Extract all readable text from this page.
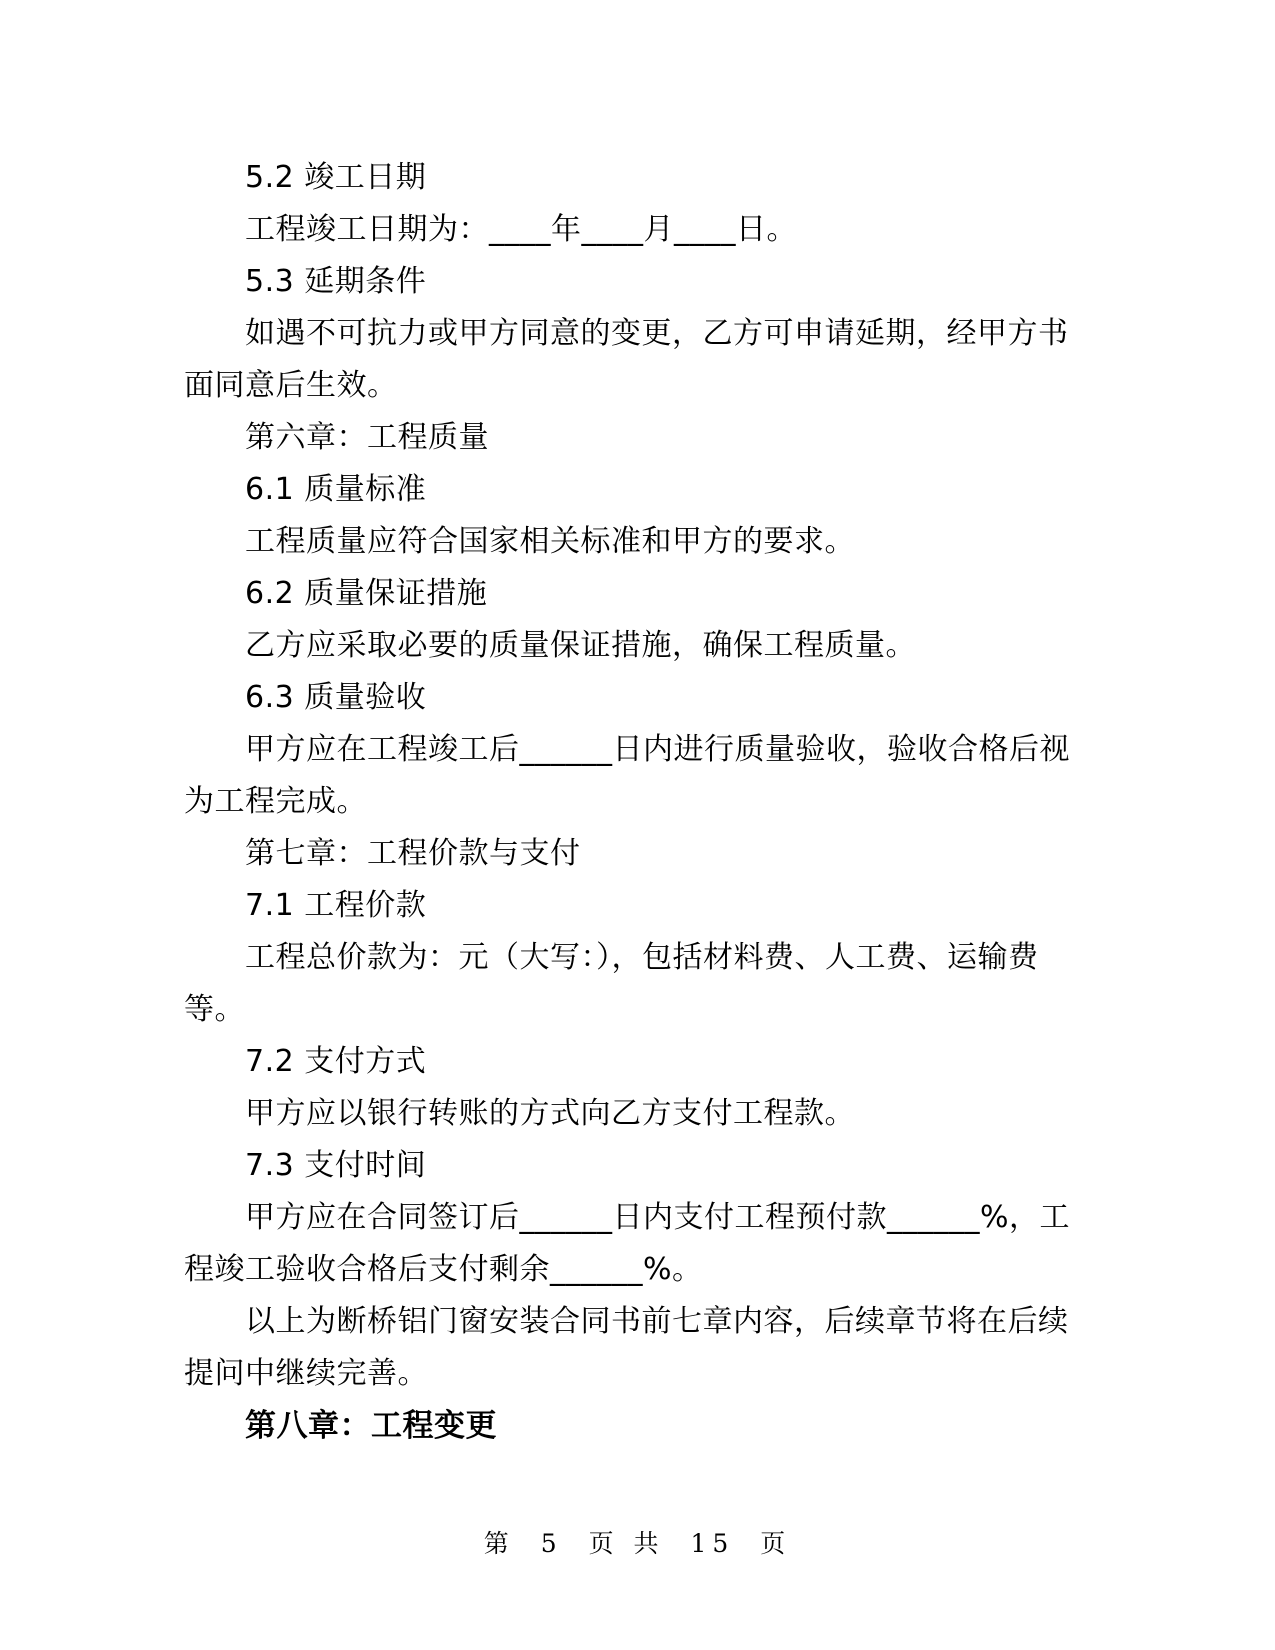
5.2 竣工日期

工程竣工日期为：____年____月____日。

5.3 延期条件

如遇不可抗力或甲方同意的变更，乙方可申请延期，经甲方书面同意后生效。

第六章：工程质量

6.1 质量标准

工程质量应符合国家相关标准和甲方的要求。

6.2 质量保证措施

乙方应采取必要的质量保证措施，确保工程质量。

6.3 质量验收

甲方应在工程竣工后______日内进行质量验收，验收合格后视为工程完成。

第七章：工程价款与支付

7.1 工程价款

工程总价款为：元（大写：），包括材料费、人工费、运输费等。

7.2 支付方式

甲方应以银行转账的方式向乙方支付工程款。

7.3 支付时间

甲方应在合同签订后______日内支付工程预付款______%，工程竣工验收合格后支付剩余______%。

以上为断桥铝门窗安装合同书前七章内容，后续章节将在后续提问中继续完善。

第八章：工程变更

第 5 页 共 15 页
